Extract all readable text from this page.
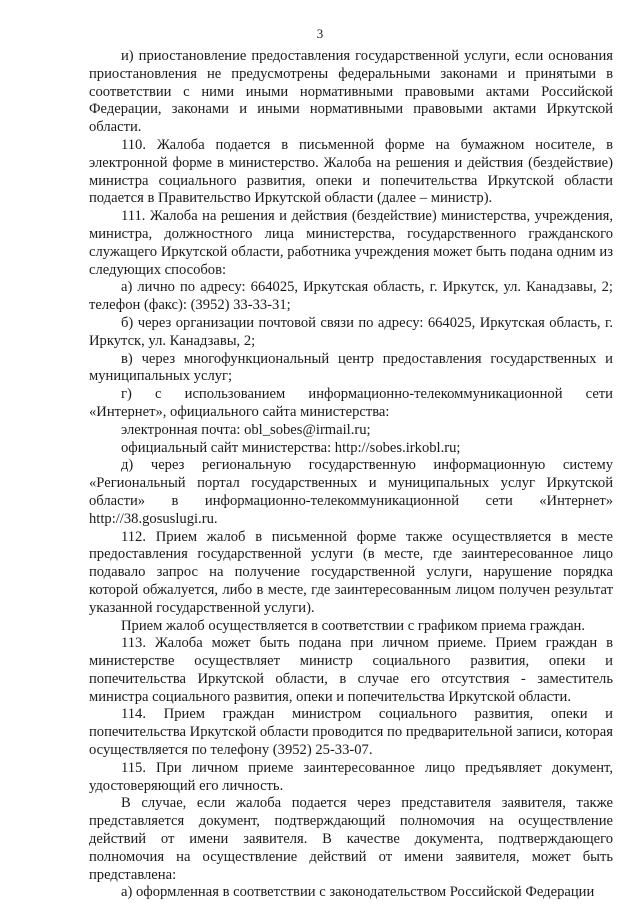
3

и) приостановление предоставления государственной услуги, если основания приостановления не предусмотрены федеральными законами и принятыми в соответствии с ними иными нормативными правовыми актами Российской Федерации, законами и иными нормативными правовыми актами Иркутской области.

110. Жалоба подается в письменной форме на бумажном носителе, в электронной форме в министерство. Жалоба на решения и действия (бездействие) министра социального развития, опеки и попечительства Иркутской области подается в Правительство Иркутской области (далее – министр).

111. Жалоба на решения и действия (бездействие) министерства, учреждения, министра, должностного лица министерства, государственного гражданского служащего Иркутской области, работника учреждения может быть подана одним из следующих способов:

а) лично по адресу: 664025, Иркутская область, г. Иркутск, ул. Канадзавы, 2; телефон (факс): (3952) 33-33-31;

б) через организации почтовой связи по адресу: 664025, Иркутская область, г. Иркутск, ул. Канадзавы, 2;

в) через многофункциональный центр предоставления государственных и муниципальных услуг;

г) с использованием информационно-телекоммуникационной сети «Интернет», официального сайта министерства:

электронная почта: obl_sobes@irmail.ru;

официальный сайт министерства: http://sobes.irkobl.ru;

д) через региональную государственную информационную систему «Региональный портал государственных и муниципальных услуг Иркутской области» в информационно-телекоммуникационной сети «Интернет» http://38.gosuslugi.ru.

112. Прием жалоб в письменной форме также осуществляется в месте предоставления государственной услуги (в месте, где заинтересованное лицо подавало запрос на получение государственной услуги, нарушение порядка которой обжалуется, либо в месте, где заинтересованным лицом получен результат указанной государственной услуги).

Прием жалоб осуществляется в соответствии с графиком приема граждан.

113. Жалоба может быть подана при личном приеме. Прием граждан в министерстве осуществляет министр социального развития, опеки и попечительства Иркутской области, в случае его отсутствия - заместитель министра социального развития, опеки и попечительства Иркутской области.

114. Прием граждан министром социального развития, опеки и попечительства Иркутской области проводится по предварительной записи, которая осуществляется по телефону (3952) 25-33-07.

115. При личном приеме заинтересованное лицо предъявляет документ, удостоверяющий его личность.

В случае, если жалоба подается через представителя заявителя, также представляется документ, подтверждающий полномочия на осуществление действий от имени заявителя. В качестве документа, подтверждающего полномочия на осуществление действий от имени заявителя, может быть представлена:

а) оформленная в соответствии с законодательством Российской Федерации
